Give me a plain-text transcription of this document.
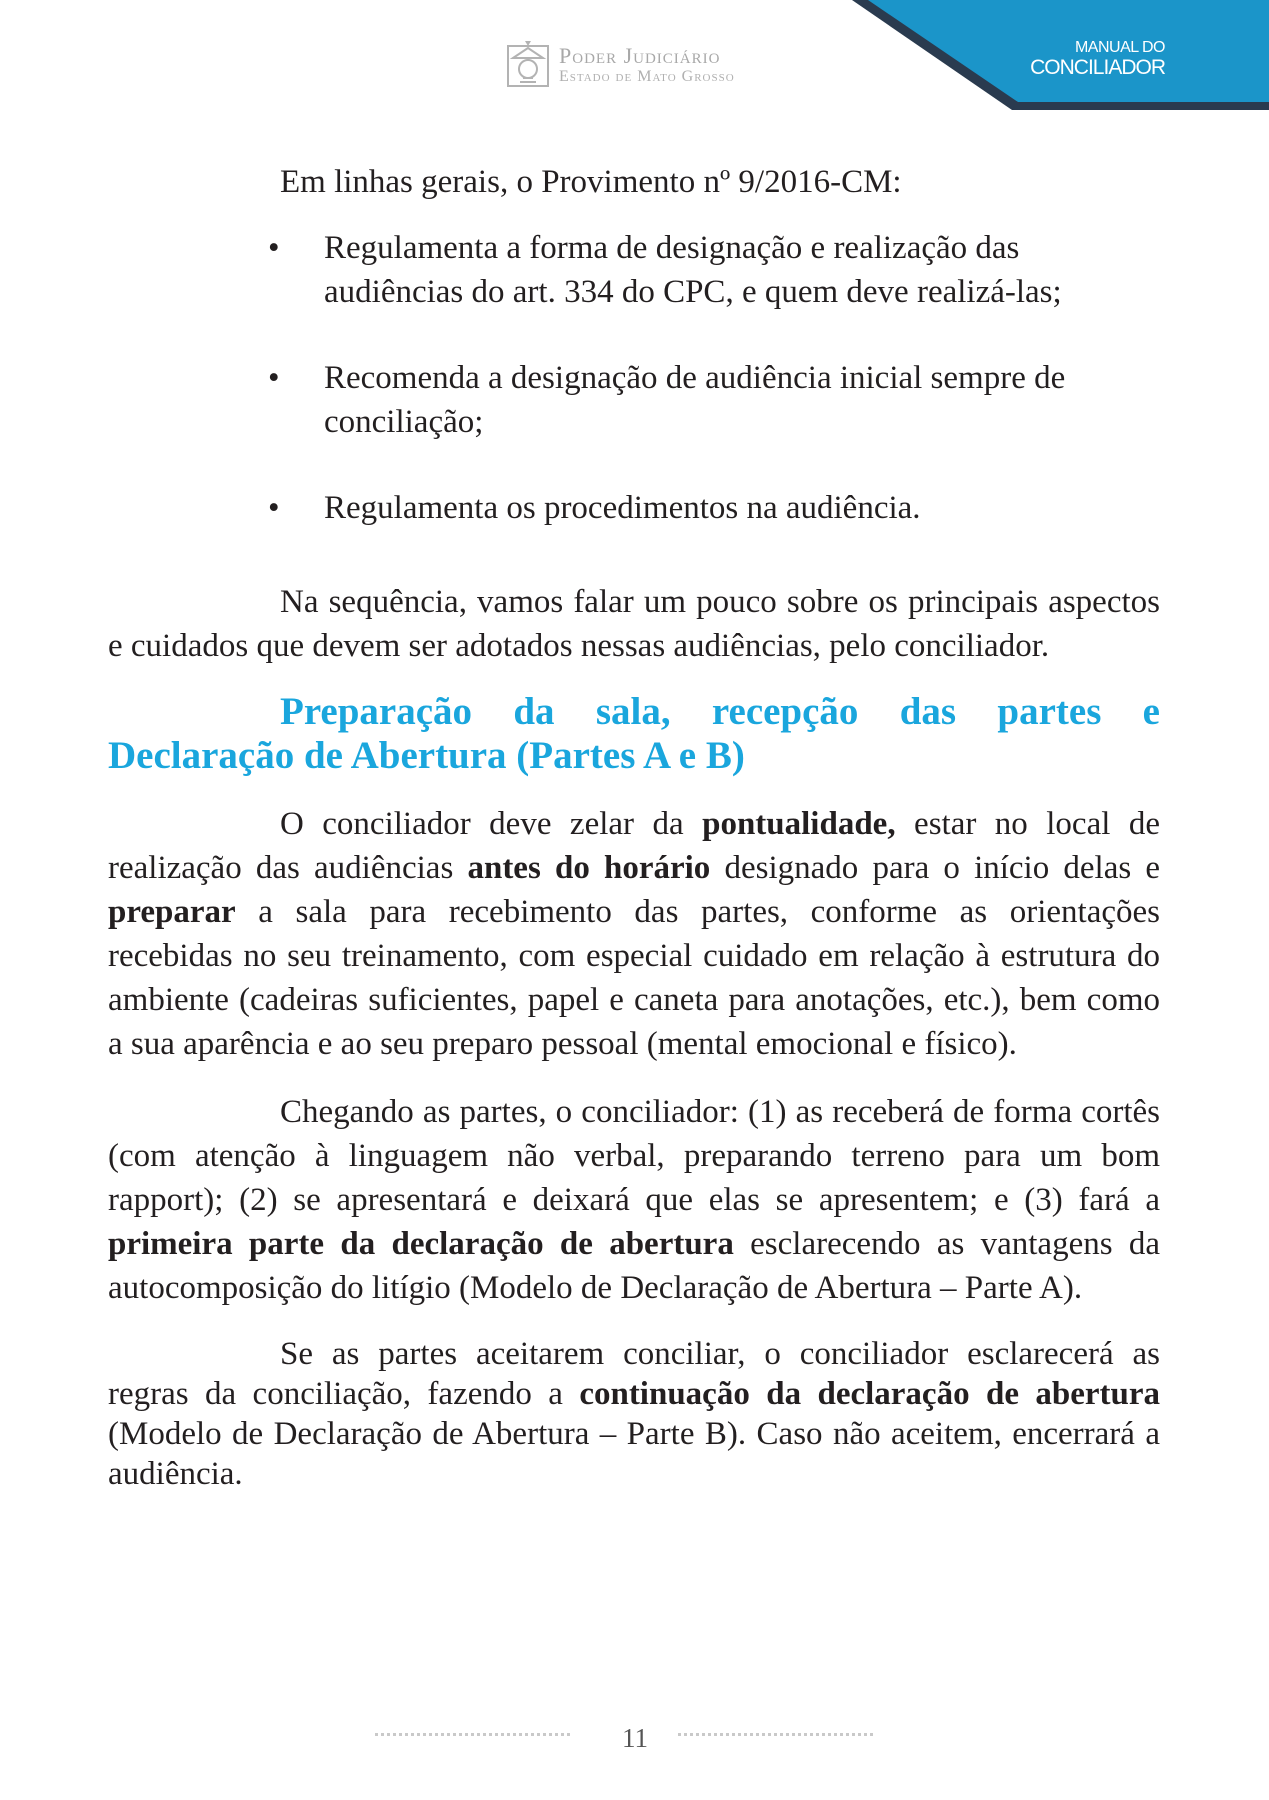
Poder Judiciário
Estado de Mato Grosso
MANUAL DO
CONCILIADOR

Em linhas gerais, o Provimento nº 9/2016-CM:

• Regulamenta a forma de designação e realização das audiências do art. 334 do CPC, e quem deve realizá-las;
• Recomenda a designação de audiência inicial sempre de conciliação;
• Regulamenta os procedimentos na audiência.

Na sequência, vamos falar um pouco sobre os principais aspectos e cuidados que devem ser adotados nessas audiências, pelo conciliador.

Preparação da sala, recepção das partes e Declaração de Abertura (Partes A e B)

O conciliador deve zelar da pontualidade, estar no local de realização das audiências antes do horário designado para o início delas e preparar a sala para recebimento das partes, conforme as orientações recebidas no seu treinamento, com especial cuidado em relação à estrutura do ambiente (cadeiras suficientes, papel e caneta para anotações, etc.), bem como a sua aparência e ao seu preparo pessoal (mental emocional e físico).

Chegando as partes, o conciliador: (1) as receberá de forma cortês (com atenção à linguagem não verbal, preparando terreno para um bom rapport); (2) se apresentará e deixará que elas se apresentem; e (3) fará a primeira parte da declaração de abertura esclarecendo as vantagens da autocomposição do litígio (Modelo de Declaração de Abertura – Parte A).

Se as partes aceitarem conciliar, o conciliador esclarecerá as regras da conciliação, fazendo a continuação da declaração de abertura (Modelo de Declaração de Abertura – Parte B). Caso não aceitem, encerrará a audiência.

11
